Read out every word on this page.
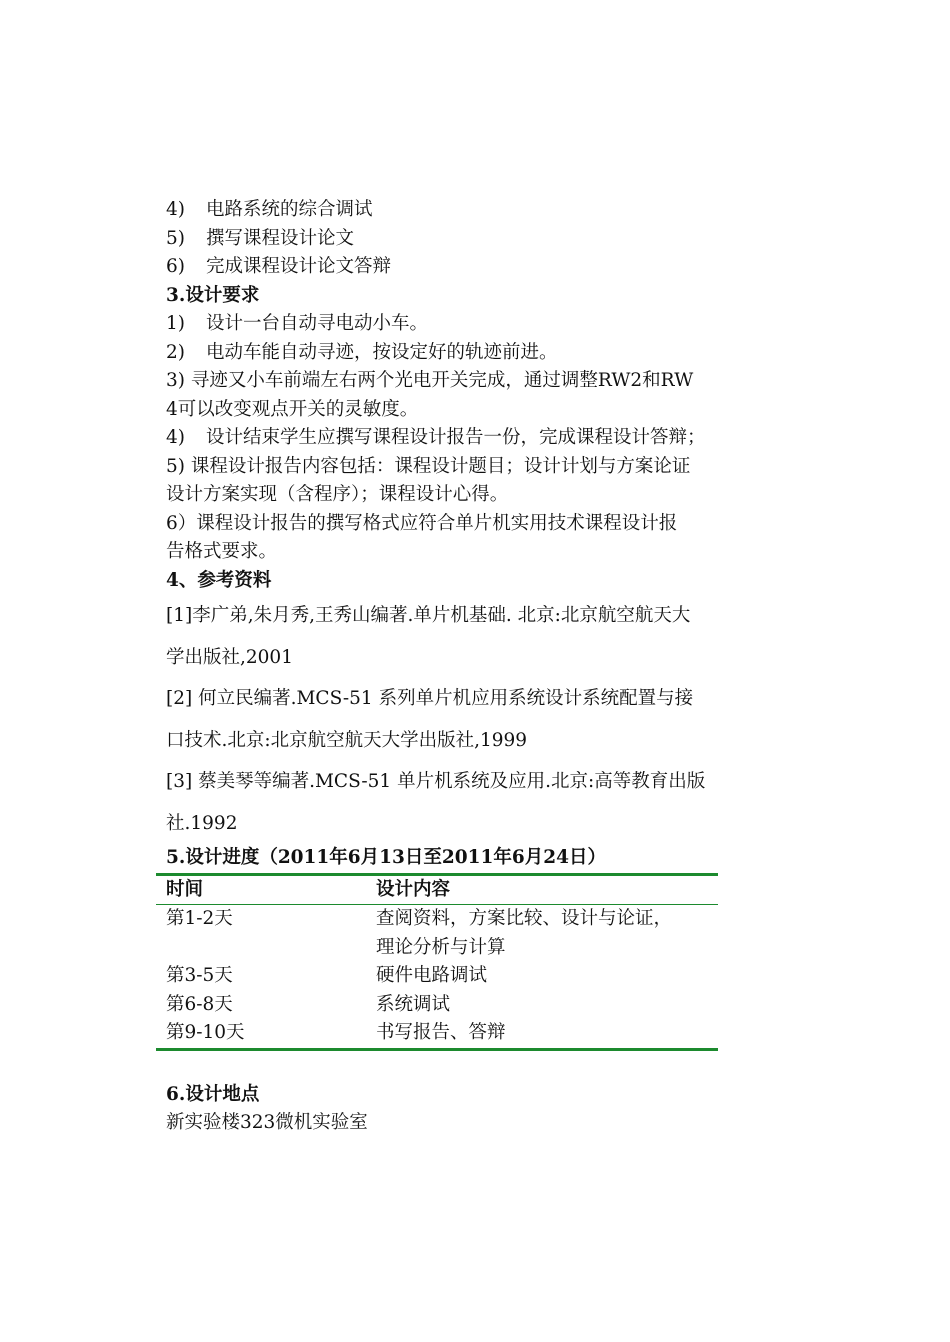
4)	电路系统的综合调试
5)	撰写课程设计论文
6)	完成课程设计论文答辩
3.设计要求
1)	设计一台自动寻电动小车。
2)	电动车能自动寻迹，按设定好的轨迹前进。
3) 寻迹又小车前端左右两个光电开关完成，通过调整RW2和RW
4可以改变观点开关的灵敏度。
4)	设计结束学生应撰写课程设计报告一份，完成课程设计答辩；
5) 课程设计报告内容包括：课程设计题目；设计计划与方案论证
设计方案实现（含程序）；课程设计心得。
6）课程设计报告的撰写格式应符合单片机实用技术课程设计报
告格式要求。
4、参考资料
[1]李广弟,朱月秀,王秀山编著.单片机基础. 北京:北京航空航天大
学出版社,2001
[2] 何立民编著.MCS-51 系列单片机应用系统设计系统配置与接
口技术.北京:北京航空航天大学出版社,1999
[3] 蔡美琴等编著.MCS-51 单片机系统及应用.北京:高等教育出版
社.1992
5.设计进度（2011年6月13日至2011年6月24日）
时间	设计内容
第1-2天	查阅资料，方案比较、设计与论证，
理论分析与计算

第3-5天	硬件电路调试
第6-8天	系统调试
第9-10天	书写报告、答辩
6.设计地点
新实验楼323微机实验室
